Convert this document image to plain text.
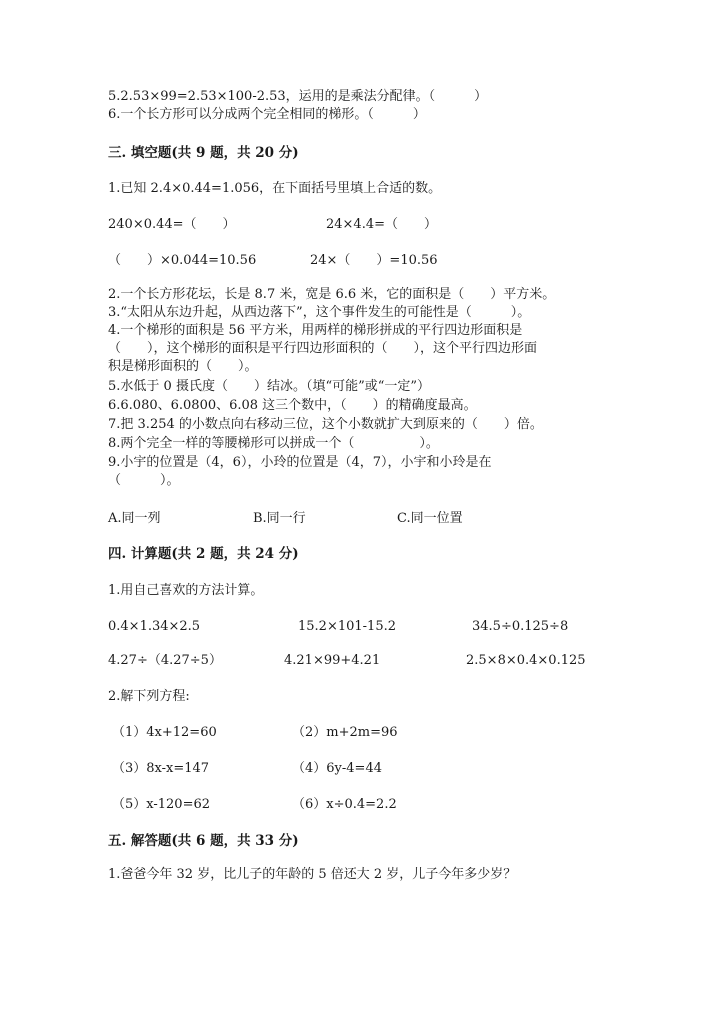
5.2.53×99=2.53×100-2.53，运用的是乘法分配律。（　　　）
6.一个长方形可以分成两个完全相同的梯形。（　　　）
三. 填空题(共 9 题，共 20 分)
1.已知 2.4×0.44=1.056，在下面括号里填上合适的数。
240×0.44=（　　）	24×4.4=（　　）
（　　）×0.044=10.56	24×（　　）=10.56
2.一个长方形花坛，长是 8.7 米，宽是 6.6 米，它的面积是（　　）平方米。
3.“太阳从东边升起，从西边落下”，这个事件发生的可能性是（　　　）。
4.一个梯形的面积是 56 平方米，用两样的梯形拼成的平行四边形面积是
（　　），这个梯形的面积是平行四边形面积的（　　），这个平行四边形面
积是梯形面积的（　　）。
5.水低于 0 摄氏度（　　）结冰。（填“可能”或“一定”）
6.6.080、6.0800、6.08 这三个数中，（　　）的精确度最高。
7.把 3.254 的小数点向右移动三位，这个小数就扩大到原来的（　　）倍。
8.两个完全一样的等腰梯形可以拼成一个（　　　　　）。
9.小宇的位置是（4，6），小玲的位置是（4，7），小宇和小玲是在
（　　　）。
A.同一列	B.同一行	C.同一位置
四. 计算题(共 2 题，共 24 分)
1.用自己喜欢的方法计算。
0.4×1.34×2.5	15.2×101-15.2	34.5÷0.125÷8
4.27÷（4.27÷5）	4.21×99+4.21	2.5×8×0.4×0.125
2.解下列方程:
（1）4x+12=60	（2）m+2m=96
（3）8x-x=147	（4）6y-4=44
（5）x-120=62	（6）x÷0.4=2.2
五. 解答题(共 6 题，共 33 分)
1.爸爸今年 32 岁，比儿子的年龄的 5 倍还大 2 岁，儿子今年多少岁？
